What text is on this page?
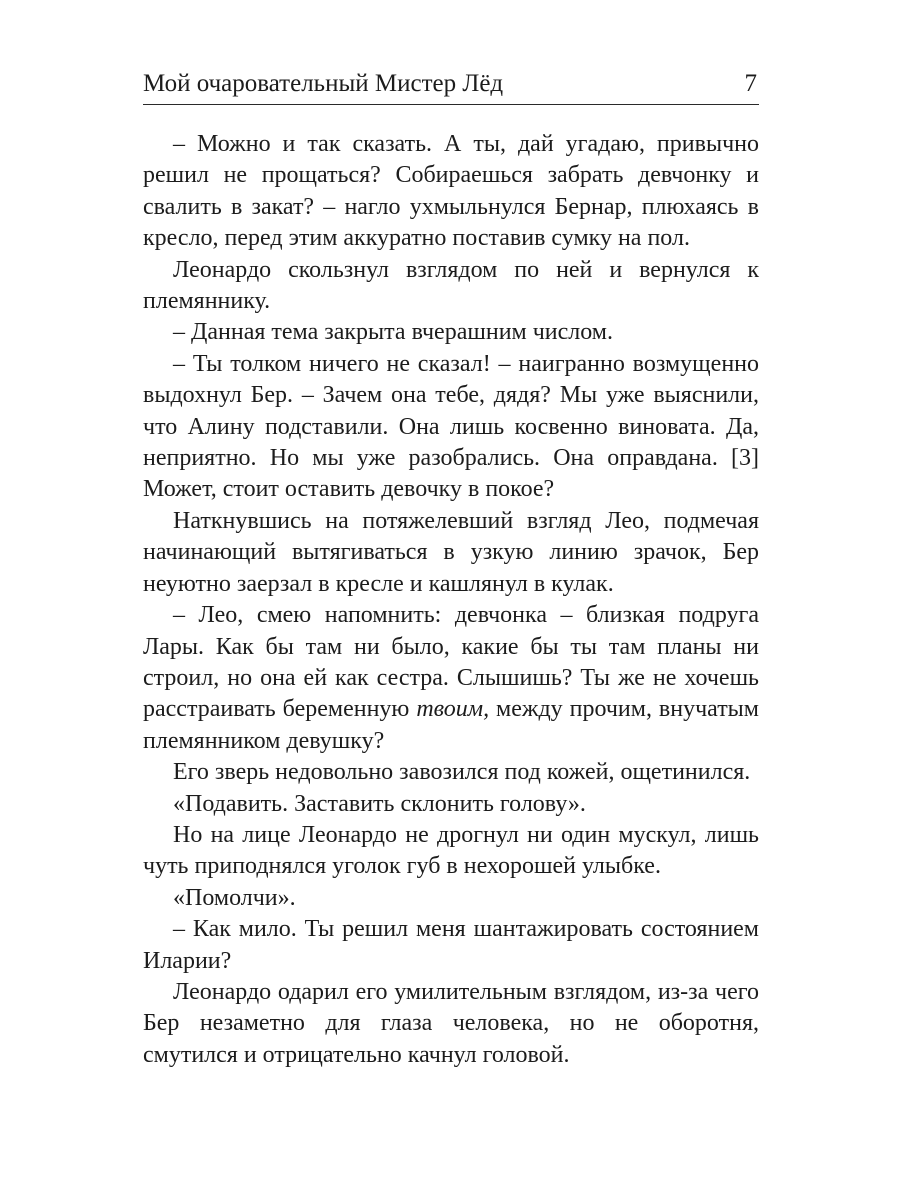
Мой очаровательный Мистер Лёд	7

– Можно и так сказать. А ты, дай угадаю, привычно решил не прощаться? Собираешься забрать девчонку и свалить в закат? – нагло ухмыльнулся Бернар, плюхаясь в кресло, перед этим аккуратно поставив сумку на пол.

Леонардо скользнул взглядом по ней и вернулся к племяннику.

– Данная тема закрыта вчерашним числом.

– Ты толком ничего не сказал! – наигранно возмущенно выдохнул Бер. – Зачем она тебе, дядя? Мы уже выяснили, что Алину подставили. Она лишь косвенно виновата. Да, неприятно. Но мы уже разобрались. Она оправдана. [3] Может, стоит оставить девочку в покое?

Наткнувшись на потяжелевший взгляд Лео, подмечая начинающий вытягиваться в узкую линию зрачок, Бер неуютно заерзал в кресле и кашлянул в кулак.

– Лео, смею напомнить: девчонка – близкая подруга Лары. Как бы там ни было, какие бы ты там планы ни строил, но она ей как сестра. Слышишь? Ты же не хочешь расстраивать беременную твоим, между прочим, внучатым племянником девушку?

Его зверь недовольно завозился под кожей, ощетинился.

«Подавить. Заставить склонить голову».

Но на лице Леонардо не дрогнул ни один мускул, лишь чуть приподнялся уголок губ в нехорошей улыбке.

«Помолчи».

– Как мило. Ты решил меня шантажировать состоянием Иларии?

Леонардо одарил его умилительным взглядом, из-за чего Бер незаметно для глаза человека, но не оборотня, смутился и отрицательно качнул головой.
